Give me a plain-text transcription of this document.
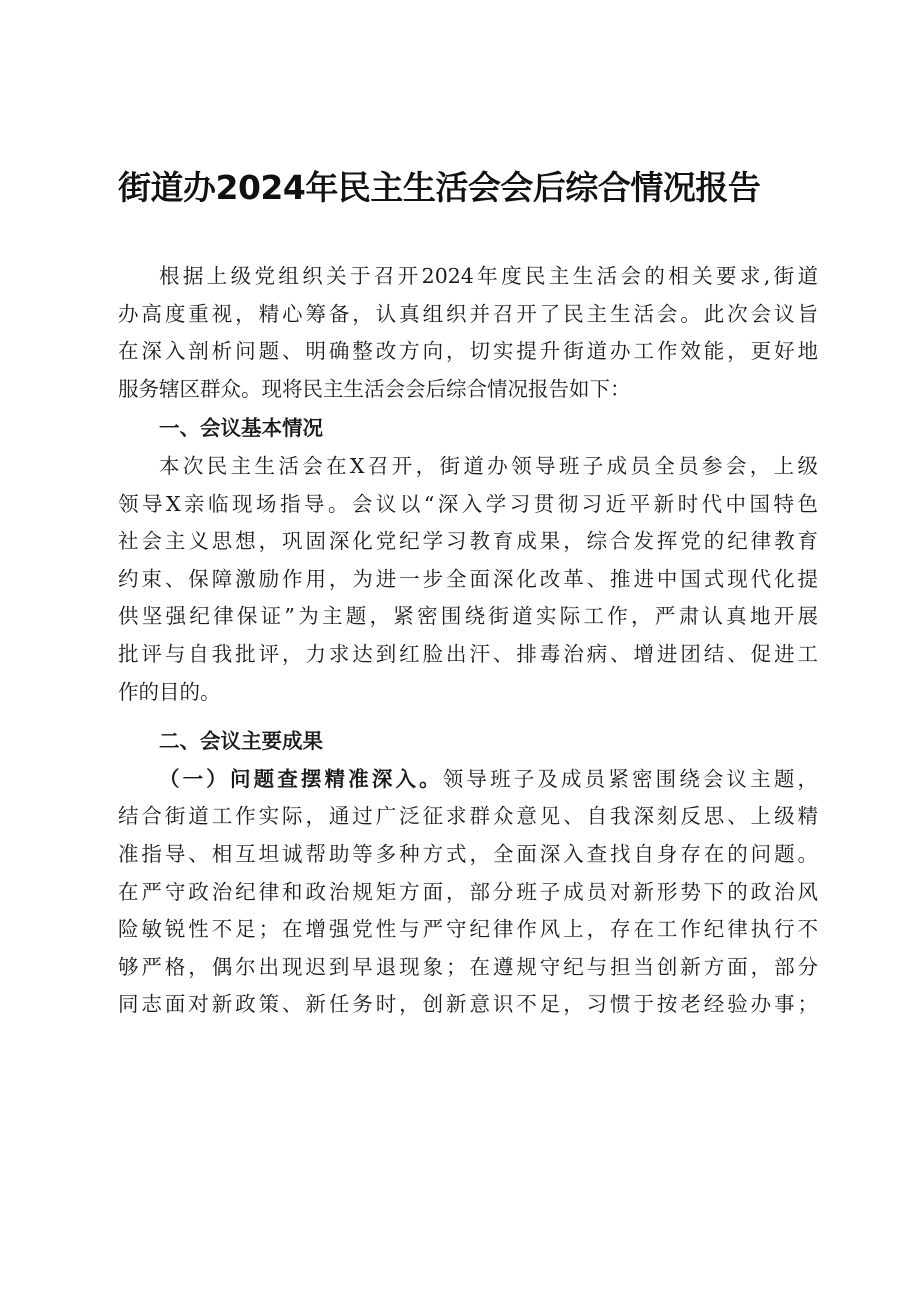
街道办2024年民主生活会会后综合情况报告
根据上级党组织关于召开2024年度民主生活会的相关要求,街道
办高度重视，精心筹备，认真组织并召开了民主生活会。此次会议旨
在深入剖析问题、明确整改方向，切实提升街道办工作效能，更好地
服务辖区群众。现将民主生活会会后综合情况报告如下：
一、会议基本情况
本次民主生活会在X召开，街道办领导班子成员全员参会，上级
领导X亲临现场指导。会议以“深入学习贯彻习近平新时代中国特色
社会主义思想，巩固深化党纪学习教育成果，综合发挥党的纪律教育
约束、保障激励作用，为进一步全面深化改革、推进中国式现代化提
供坚强纪律保证”为主题，紧密围绕街道实际工作，严肃认真地开展
批评与自我批评，力求达到红脸出汗、排毒治病、增进团结、促进工
作的目的。
二、会议主要成果
（一）问题查摆精准深入。领导班子及成员紧密围绕会议主题，
结合街道工作实际，通过广泛征求群众意见、自我深刻反思、上级精
准指导、相互坦诚帮助等多种方式，全面深入查找自身存在的问题。
在严守政治纪律和政治规矩方面，部分班子成员对新形势下的政治风
险敏锐性不足；在增强党性与严守纪律作风上，存在工作纪律执行不
够严格，偶尔出现迟到早退现象；在遵规守纪与担当创新方面，部分
同志面对新政策、新任务时，创新意识不足，习惯于按老经验办事；
